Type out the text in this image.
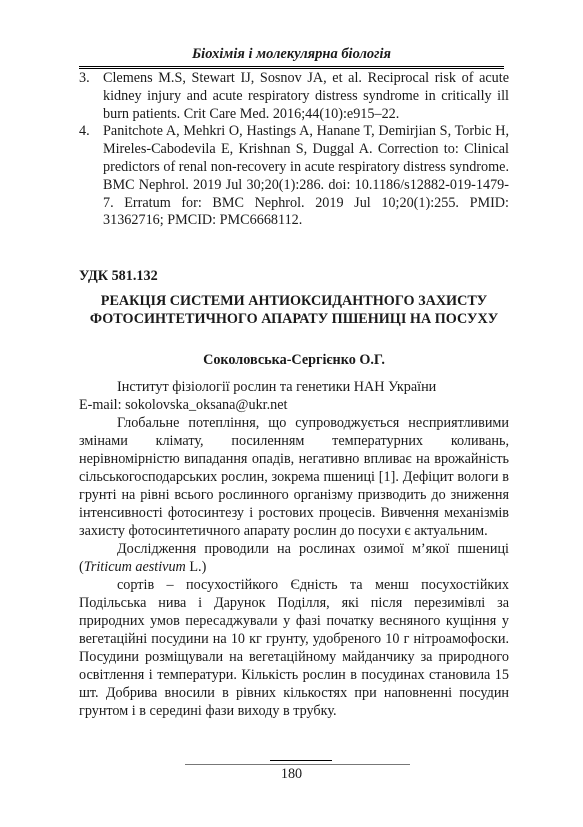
Біохімія і молекулярна біологія
3. Clemens M.S, Stewart IJ, Sosnov JA, et al. Reciprocal risk of acute kidney injury and acute respiratory distress syndrome in critically ill burn patients. Crit Care Med. 2016;44(10):e915–22.
4. Panitchote A, Mehkri O, Hastings A, Hanane T, Demirjian S, Torbic H, Mireles-Cabodevila E, Krishnan S, Duggal A. Correction to: Clinical predictors of renal non-recovery in acute respiratory distress syndrome. BMC Nephrol. 2019 Jul 30;20(1):286. doi: 10.1186/s12882-019-1479-7. Erratum for: BMC Nephrol. 2019 Jul 10;20(1):255. PMID: 31362716; PMCID: PMC6668112.
УДК 581.132
РЕАКЦІЯ СИСТЕМИ АНТИОКСИДАНТНОГО ЗАХИСТУ ФОТОСИНТЕТИЧНОГО АПАРАТУ ПШЕНИЦІ НА ПОСУХУ
Соколовська-Сергієнко О.Г.
Інститут фізіології рослин та генетики НАН України
E-mail: sokolovska_oksana@ukr.net

Глобальне потепління, що супроводжується несприятливими змінами клімату, посиленням температурних коливань, нерівномірністю випадання опадів, негативно впливає на врожайність сільськогосподарських рослин, зокрема пшениці [1]. Дефіцит вологи в грунті на рівні всього рослинного організму призводить до зниження інтенсивності фотосинтезу і ростових процесів. Вивчення механізмів захисту фотосинтетичного апарату рослин до посухи є актуальним.

Дослідження проводили на рослинах озимої м’якої пшениці (Triticum aestivum L.)

сортів – посухостійкого Єдність та менш посухостійких Подільська нива і Дарунок Поділля, які після перезимівлі за природних умов пересаджували у фазі початку весняного кущіння у вегетаційні посудини на 10 кг грунту, удобреного 10 г нітроамофоски. Посудини розміщували на вегетаційному майданчику за природного освітлення і температури. Кількість рослин в посудинах становила 15 шт. Добрива вносили в рівних кількостях при наповненні посудин грунтом і в середині фази виходу в трубку.

180
